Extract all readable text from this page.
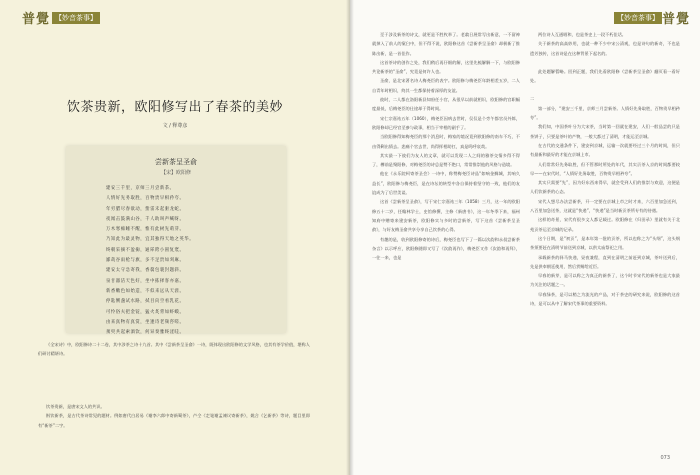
普覺 【妙音茶事】
饮茶贵新，欧阳修写出了春茶的美妙
文 / 释尊彦
尝新茶呈圣俞
【宋】欧阳修
建安三千里，京师三月尝新茶。
人情好先务取胜，百物贵早相矜夸。
年穷腊尽春欲动，蛰雷未起驱龙蛇。
夜闻击鼓满山谷，千人助叫声喊呀。
万木寒痴睡不醒，惟有此树先萌芽。
乃知此为最灵物，宜其独得天地之英华。
终朝采摘不盈掬，通犀銙小圆复窊。
鄙哉谷雨枪与旗，多不足贵如刈麻。
建安太守急寄我，香蒻包裹封题斜。
泉甘器洁天色好，坐中拣择客亦嘉。
新香嫩色如始造，不似来远从天涯。
停匙侧盏试水路，拭目向空看乳花。
可怜俗夫把金锭，猛火炙背如虾蟆。
由来真物有真赏，坐逢诗老频咨嗟。
须臾共起索酒饮，何异奏雅终淫哇。

《全宋诗》中，欧阳修诗二十二卷，其中涉茶之诗十九首。其中《尝新茶呈圣俞》一诗，既体现出欧阳修的文学风格，也其有茶学价值，堪称人们研讨精妍诗。

饮茶贵新，是唐宋文人的共识。

斟饮新茶，是古代茶诗常见的题材。例如唐代白居易《谢李六郎中寄新蜀茶》，卢仝《走笔谢孟谏议寄新茶》，姚合《乞新茶》等诗，题目里即有“新茶”二字。

【妙音茶事】 普覺

至于涉及新茶的诗文，就更是不胜枚举了。老翁日展常写出新意，一不留神就掉入了前人的窠臼中，但不得不说，欧阳修这首《尝新茶呈圣俞》却极新了推陈出新，是一首佳作。

这首茶诗的创作之处，我们稍后再仔细的解，这里先梳解解一下，与欧阳修共论新茶的“圣俞”，究竟是何许人也。

圣俞，是北宋著名诗人梅尧臣的表字。欧阳修与梅尧臣年龄相差五岁，二人自青年时相识，终其一生都保持着深厚的友谊。

彼时，二人都在洛阳新县知府任小官，从很早以前就相识，欧阳修的官职幅度最低，后梅尧臣的仕途却于得时间。

宋仁宗嘉祐五年（1060），梅尧臣因病去世时，仅仅是个旁午都官员外郎，欧阳修却已经官至参与政事，相当于宰相的副手了。

当欧阳修得知梅尧臣的那个消息时，梅家的境况竟到欧阳修的南车不巧，不由得剩出情去。悲痛个官去世，尚得挥相助扛，真是呜呼哀哉。

其实最一下彼们为友人的文章，就可以发现二人之间的雅茶交情多得不得了，樽前是聚阳修，对梅尧臣的诗总是赞不绝口，常常推崇他的风格与造境。

他在《永乐院柯寄茶圣会》一诗中，称赞梅尧臣诗品“如响金搁城，其响久益长”，欧阳修与梅尧臣，是在诗坛的转型中各自保持着坚守的一致，他们的友谊成为了后世美谈。

这首《尝新茶呈圣俞》，写于宋仁宗嘉祐三年（1058）三月，这一年的欧阳修五十二岁，任翰林学士，史馆修撰，主修《新唐书》，这一年冬季下来，福州知府中赠寄来建安新茶，欧阳修实与多时的尝新茶，写下这首《尝新茶呈圣俞》，与好友梅圣俞共享分享自己饮茶的心得。

有趣的是，收到欧阳修寄的诗后，梅尧臣也写下了一篇以次韵和永叔尝新茶杂言》以示呼应，欧阳修随即又写了《次韵再作》，梅尧臣又作《次韵和再拜》，一往一来，也是

两位诗人互通唱和，也是茶史上一段不朽佳话。

关于新茶的高高妙用，也就一种不少中宋公清观，也是诗句的新奇，不也是遗芳独传，这首诗是在这种背景下起名的。

此处题解暂略。回到正题，我们先看欧阳修《尝新茶呈圣俞》翻页看一看好处。

二

第一部分，“建安三千里，京师三月尝新茶。人情好先务取胜，百物贵早相矜夸”。

我们知，中国茶叶分为大宋茶，当时第一回就在建安，人们一般品尝的只是茶饼子，只要是茶叶的产物，一般大都过了清明，才能运至京城。

在古代的交通条件下，建安到京城，运输一次就要经过三个月的时间，但只有最新和最好的才能在京城上市。

人们常常好先务取胜，但不管那时所处的年代，其实贡茶入京的时间都要较早——在宋代时，“人情好先务取胜，百物贵早相矜夸”。

其实只需要“先”，因为好东西来得早，就会受到人们的推崇与欢迎，这便是人们饮新茶的心态。

宋代人想尽办法尝新茶，开一定要在京城上市之时才来，六百里加急送到，八百里加急送茶，这就是“快递”，“快递”是当时新贡茶所专有的待遇。

这样的奇景，宋代有很多文人都记载过。欧阳修在《归田录》里就有关于北苑贡茶运至京城的记录。

这个日期，是“初贡”，是本年第一批的贡茶，所以也称之为“头纲”，这头纲茶须要赶在清明节前送到京城，以供太庙祭祀之用。

承载新茶的驿马快递，昼夜兼程，直到在清明之前赶到京城，茶叶送到后，先是供奉朝廷使用，然后赏赐给近臣。

早春的新芽，是可以称之为真正的新茶了，这个时节宋代的新茶也是大家最为关注的话题之一。

早春绿茶，是可以稍之为流光的产品，对于茶史的研究来说，欧阳修的这首诗，是可以从中了解宋代茶事的重要资料。

073
